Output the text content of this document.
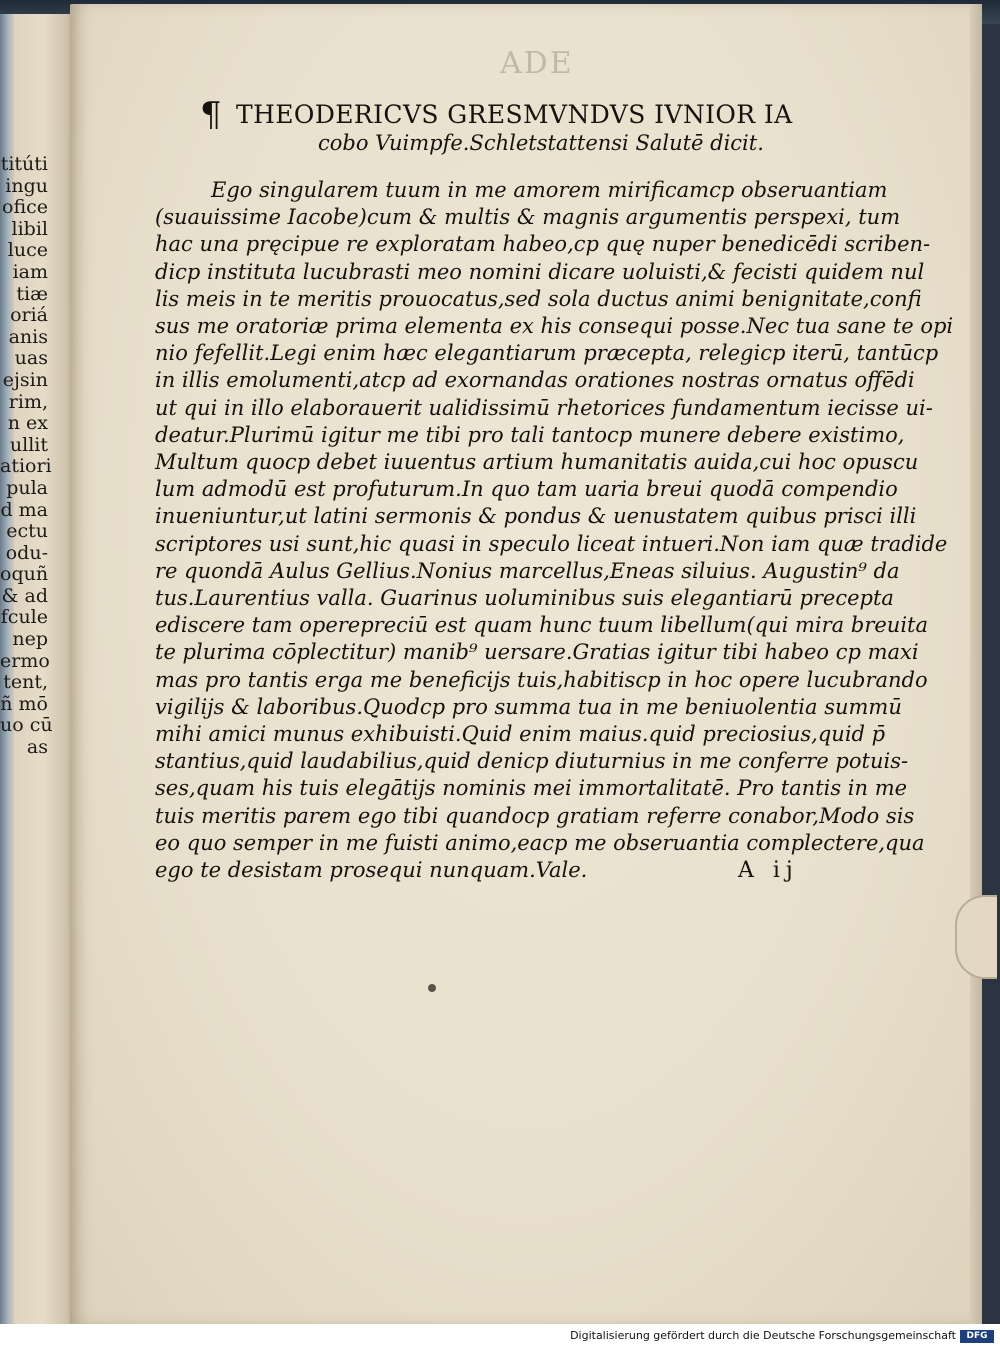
titúti
ingu
ofice
libil
luce
iam
tiæ
oriá
anis
uas
ejsin
rim,
n ex
ullit
atiori
pula
d ma
ectu
odu-
oquñ
& ad
fcule
nep
ermo
tent,
ñ mō
uo cū
as
ADE
¶ THEODERICVS GRESMVNDVS IVNIOR IA
cobo Vuimpfe.Schletstattensi Salutē dicit.
Ego singularem tuum in me amorem mirificamcp obseruantiam
(suauissime Iacobe)cum & multis & magnis argumentis perspexi, tum
hac una pręcipue re exploratam habeo,cp quę nuper benedicēdi scriben-
dicp instituta lucubrasti meo nomini dicare uoluisti,& fecisti quidem nul
lis meis in te meritis prouocatus,sed sola ductus animi benignitate,confi
sus me oratoriæ prima elementa ex his consequi posse.Nec tua sane te opi
nio fefellit.Legi enim hæc elegantiarum præcepta, relegicp iterū, tantūcp
in illis emolumenti,atcp ad exornandas orationes nostras ornatus offēdi
ut qui in illo elaborauerit ualidissimū rhetorices fundamentum iecisse ui-
deatur.Plurimū igitur me tibi pro tali tantocp munere debere existimo,
Multum quocp debet iuuentus artium humanitatis auida,cui hoc opuscu
lum admodū est profuturum.In quo tam uaria breui quodā compendio
inueniuntur,ut latini sermonis & pondus & uenustatem quibus prisci illi
scriptores usi sunt,hic quasi in speculo liceat intueri.Non iam quæ tradide
re quondā Aulus Gellius.Nonius marcellus,Eneas siluius. Augustin⁹ da
tus.Laurentius valla. Guarinus uoluminibus suis elegantiarū precepta
ediscere tam operepreciū est quam hunc tuum libellum(qui mira breuita
te plurima cōplectitur) manib⁹ uersare.Gratias igitur tibi habeo cp maxi
mas pro tantis erga me beneficijs tuis,habitiscp in hoc opere lucubrando
vigilijs & laboribus.Quodcp pro summa tua in me beniuolentia summū
mihi amici munus exhibuisti.Quid enim maius.quid preciosius,quid p̄
stantius,quid laudabilius,quid denicp diuturnius in me conferre potuis-
ses,quam his tuis elegātijs nominis mei immortalitatē. Pro tantis in me
tuis meritis parem ego tibi quandocp gratiam referre conabor,Modo sis
eo quo semper in me fuisti animo,eacp me obseruantia complectere,qua
ego te desistam prosequi nunquam.Vale.	A ij
Digitalisierung gefördert durch die Deutsche Forschungsgemeinschaft	DFG
